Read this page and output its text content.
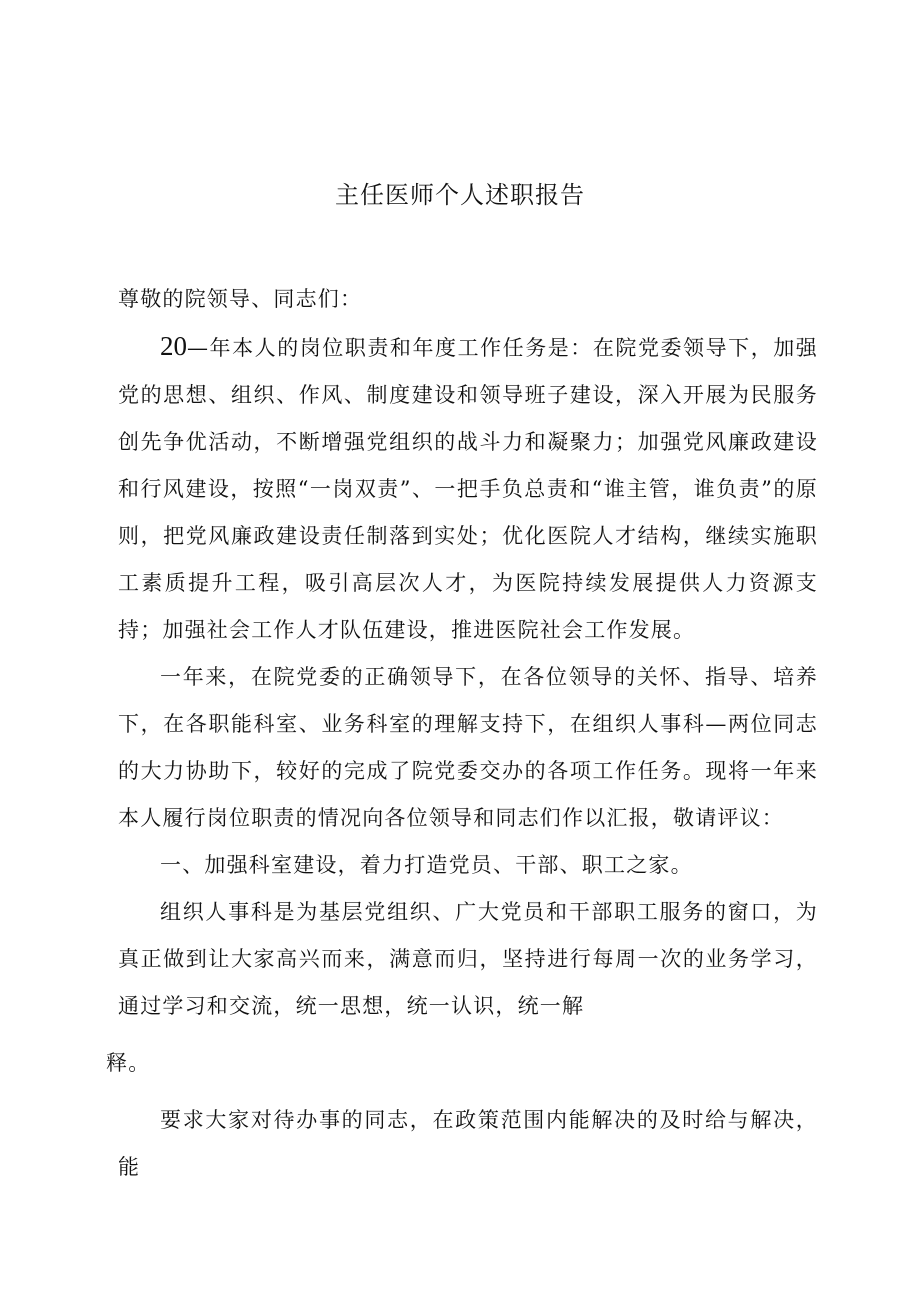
主任医师个人述职报告

尊敬的院领导、同志们：

20—年本人的岗位职责和年度工作任务是：在院党委领导下，加强党的思想、组织、作风、制度建设和领导班子建设，深入开展为民服务创先争优活动，不断增强党组织的战斗力和凝聚力；加强党风廉政建设和行风建设，按照“一岗双责”、一把手负总责和“谁主管，谁负责”的原则，把党风廉政建设责任制落到实处；优化医院人才结构，继续实施职工素质提升工程，吸引高层次人才，为医院持续发展提供人力资源支持；加强社会工作人才队伍建设，推进医院社会工作发展。

一年来，在院党委的正确领导下，在各位领导的关怀、指导、培养下，在各职能科室、业务科室的理解支持下，在组织人事科—两位同志的大力协助下，较好的完成了院党委交办的各项工作任务。现将一年来本人履行岗位职责的情况向各位领导和同志们作以汇报，敬请评议：

一、加强科室建设，着力打造党员、干部、职工之家。

组织人事科是为基层党组织、广大党员和干部职工服务的窗口，为真正做到让大家高兴而来，满意而归，坚持进行每周一次的业务学习，通过学习和交流，统一思想，统一认识，统一解

释。

要求大家对待办事的同志，在政策范围内能解决的及时给与解决，能
